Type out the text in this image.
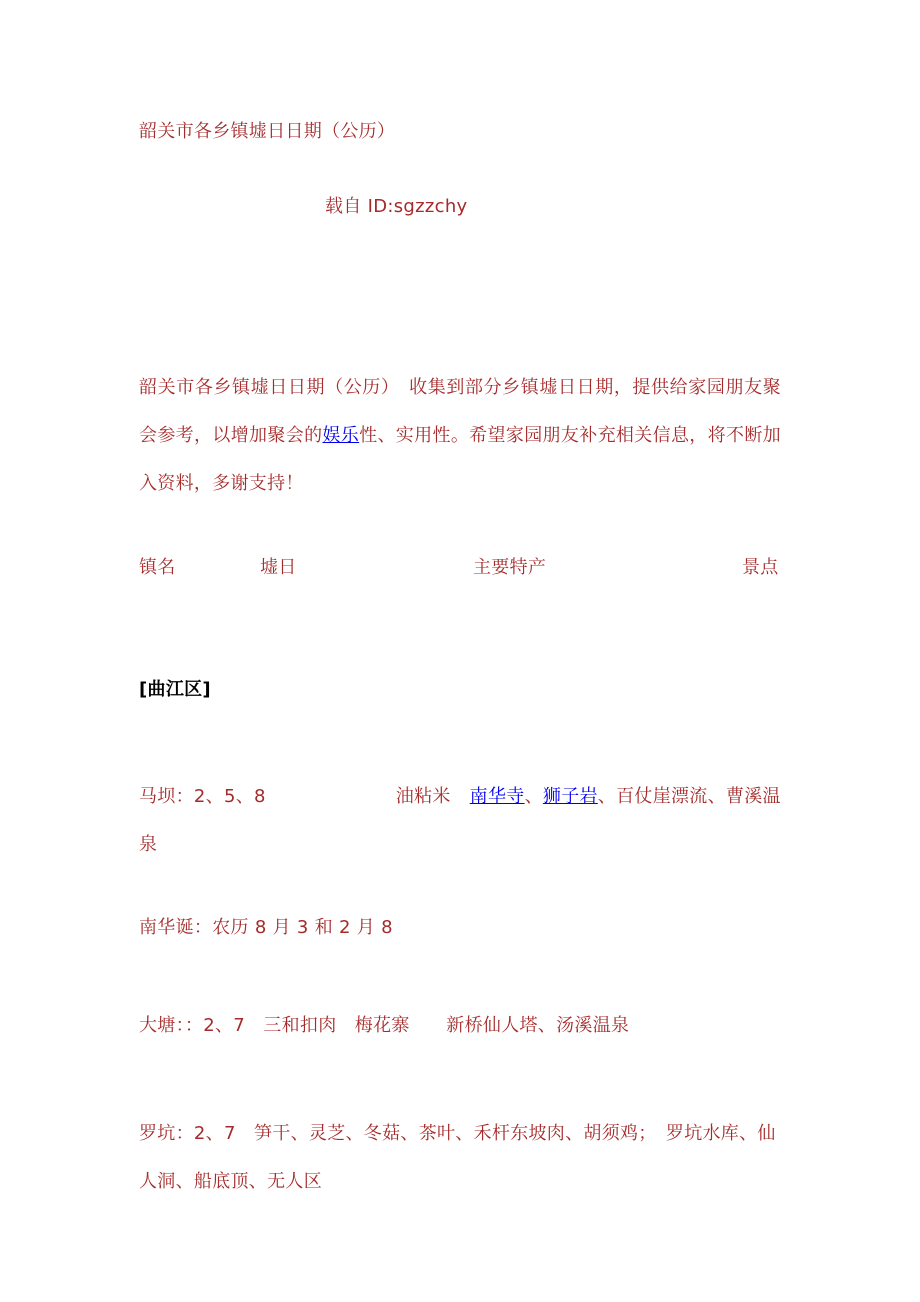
韶关市各乡镇墟日日期（公历）
载自 ID:sgzzchy
韶关市各乡镇墟日日期（公历）　收集到部分乡镇墟日日期，提供给家园朋友聚会参考，以增加聚会的娱乐性、实用性。希望家园朋友补充相关信息，将不断加入资料，多谢支持！
镇名	墟日	主要特产	景点
[曲江区]
马坝：2、5、8	油粘米 南华寺、狮子岩、百仗崖漂流、曹溪温泉
南华诞：农历 8 月 3 和 2 月 8
大塘：：2、7　三和扣肉　梅花寨　　新桥仙人塔、汤溪温泉
罗坑：2、7　笋干、灵芝、冬菇、茶叶、禾杆东坡肉、胡须鸡；　罗坑水库、仙人洞、船底顶、无人区
